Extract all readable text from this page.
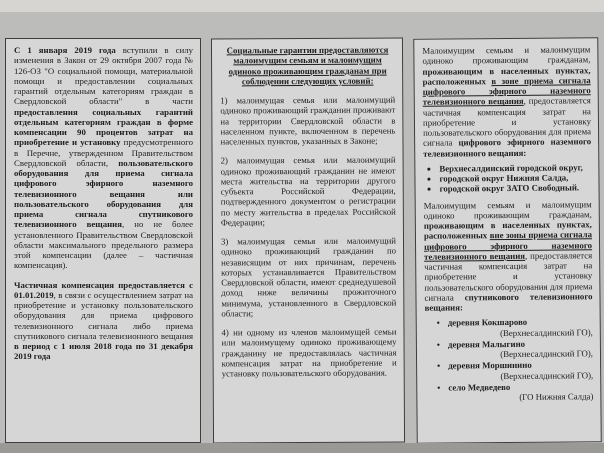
С 1 января 2019 года вступили в силу изменения в Закон от 29 октября 2007 года № 126-ОЗ "О социальной помощи, материальной помощи и предоставлении социальных гарантий отдельным категориям граждан в Свердловской области" в части предоставления социальных гарантий отдельным категориям граждан в форме компенсации 90 процентов затрат на приобретение и установку предусмотренного в Перечне, утвержденном Правительством Свердловской области, пользовательского оборудования для приема сигнала цифрового эфирного наземного телевизионного вещания или пользовательского оборудования для приема сигнала спутникового телевизионного вещания, но не более установленного Правительством Свердловской области максимального предельного размера этой компенсации (далее – частичная компенсация).

Частичная компенсация предоставляется с 01.01.2019, в связи с осуществлением затрат на приобретение и установку пользовательского оборудования для приема цифрового телевизионного сигнала либо приема спутникового сигнала телевизионного вещания в период с 1 июля 2018 года по 31 декабря 2019 года

Социальные гарантии предоставляются малоимущим семьям и малоимущим одиноко проживающим гражданам при соблюдении следующих условий:

1) малоимущая семья или малоимущий одиноко проживающий гражданин проживают на территории Свердловской области в населенном пункте, включенном в перечень населенных пунктов, указанных в Законе;

2) малоимущая семья или малоимущий одиноко проживающий гражданин не имеют места жительства на территории другого субъекта Российской Федерации, подтвержденного документом о регистрации по месту жительства в пределах Российской Федерации;

3) малоимущая семья или малоимущий одиноко проживающий гражданин по независящим от них причинам, перечень которых устанавливается Правительством Свердловской области, имеют среднедушевой доход ниже величины прожиточного минимума, установленного в Свердловской области;

4) ни одному из членов малоимущей семьи или малоимущему одиноко проживающему гражданину не предоставлялась частичная компенсация затрат на приобретение и установку пользовательского оборудования.

Малоимущим семьям и малоимущим одиноко проживающим гражданам, проживающим в населенных пунктах, расположенных в зоне приема сигнала цифрового эфирного наземного телевизионного вещания, предоставляется частичная компенсация затрат на приобретение и установку пользовательского оборудования для приема сигнала цифрового эфирного наземного телевизионного вещания:

• Верхнесалдинский городской округ,
• городской округ Нижняя Салда,
• городской округ ЗАТО Свободный.

Малоимущим семьям и малоимущим одиноко проживающим гражданам, проживающим в населенных пунктах, расположенных вне зоны приема сигнала цифрового эфирного наземного телевизионного вещания, предоставляется частичная компенсация затрат на приобретение и установку пользовательского оборудования для приема сигнала спутникового телевизионного вещания:

• деревня Кокшарово
(Верхнесалдинский ГО),
• деревня Малыгино
(Верхнесалдинский ГО),
• деревня Моршинино
(Верхнесалдинский ГО),
• село Медведево
(ГО Нижняя Салда)
